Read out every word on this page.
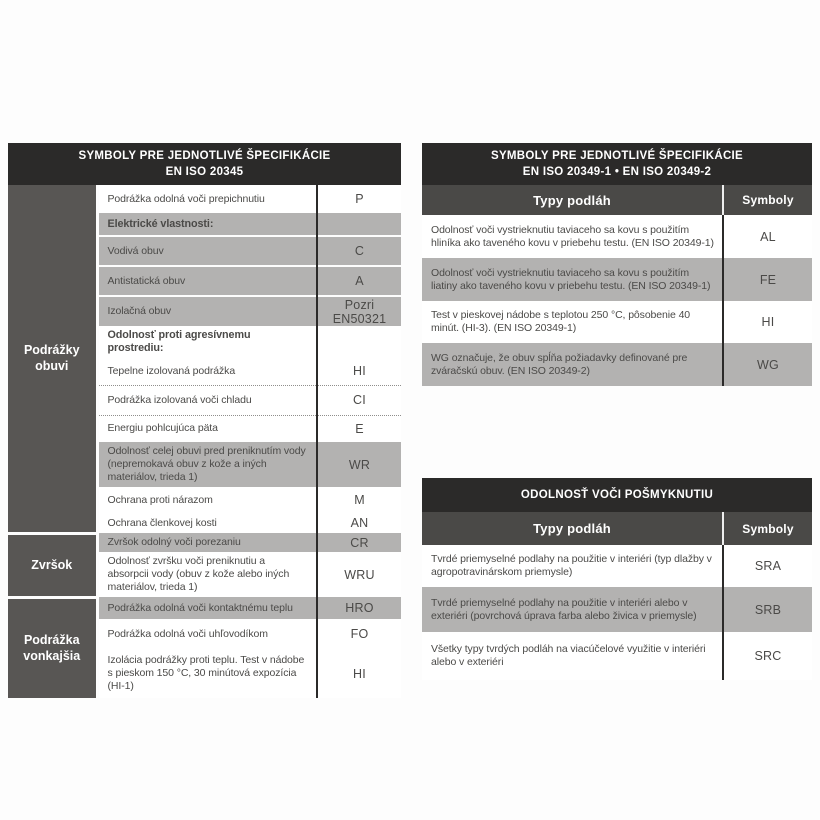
SYMBOLY PRE JEDNOTLIVÉ ŠPECIFIKÁCIE
EN ISO 20345
Podrážky obuvi	Podrážka odolná voči prepichnutiu	P
	Elektrické vlastnosti:	
	Vodivá obuv	C
	Antistatická obuv	A
	Izolačná obuv	Pozri EN50321
	Odolnosť proti agresívnemu prostrediu:	
	Tepelne izolovaná podrážka	HI
	Podrážka izolovaná voči chladu	CI
	Energiu pohlcujúca päta	E
	Odolnosť celej obuvi pred preniknutím vody (nepremokavá obuv z kože a iných materiálov, trieda 1)	WR
	Ochrana proti nárazom	M
	Ochrana členkovej kosti	AN
Zvršok	Zvršok odolný voči porezaniu	CR
	Odolnosť zvršku voči preniknutiu a absorpcii vody (obuv z kože alebo iných materiálov, trieda 1)	WRU
Podrážka vonkajšia	Podrážka odolná voči kontaktnému teplu	HRO
	Podrážka odolná voči uhľovodíkom	FO
	Izolácia podrážky proti teplu. Test v nádobe s pieskom 150 °C, 30 minútová expozícia (HI-1)	HI
SYMBOLY PRE JEDNOTLIVÉ ŠPECIFIKÁCIE
EN ISO 20349-1 • EN ISO 20349-2
Typy podláh	Symboly
Odolnosť voči vystrieknutiu taviaceho sa kovu s použitím hliníka ako taveného kovu v priebehu testu. (EN ISO 20349-1)	AL
Odolnosť voči vystrieknutiu taviaceho sa kovu s použitím liatiny ako taveného kovu v priebehu testu. (EN ISO 20349-1)	FE
Test v pieskovej nádobe s teplotou 250 °C, pôsobenie 40 minút. (HI-3). (EN ISO 20349-1)	HI
WG označuje, že obuv spĺňa požiadavky definované pre zváračskú obuv. (EN ISO 20349-2)	WG
ODOLNOSŤ VOČI POŠMYKNUTIU
Typy podláh	Symboly
Tvrdé priemyselné podlahy na použitie v interiéri (typ dlažby v agropotravinárskom priemysle)	SRA
Tvrdé priemyselné podlahy na použitie v interiéri alebo v exteriéri (povrchová úprava farba alebo živica v priemysle)	SRB
Všetky typy tvrdých podláh na viacúčelové využitie v interiéri alebo v exteriéri	SRC
